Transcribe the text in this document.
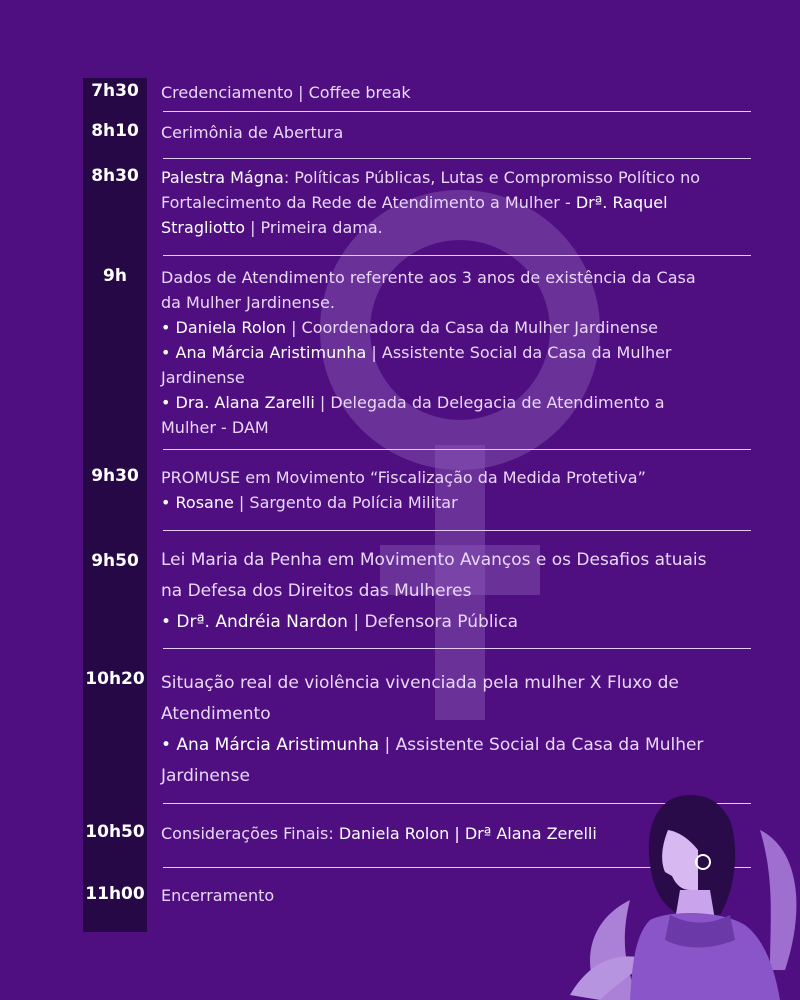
7h30	Credenciamento | Coffee break
8h10	Cerimônia de Abertura
8h30	Palestra Mágna: Políticas Públicas, Lutas e Compromisso Político no
Fortalecimento da Rede de Atendimento a Mulher - Drª. Raquel
Stragliotto | Primeira dama.
9h	Dados de Atendimento referente aos 3 anos de existência da Casa
da Mulher Jardinense.
• Daniela Rolon | Coordenadora da Casa da Mulher Jardinense
• Ana Márcia Aristimunha | Assistente Social da Casa da Mulher
Jardinense
• Dra. Alana Zarelli | Delegada da Delegacia de Atendimento a
Mulher - DAM
9h30	PROMUSE em Movimento “Fiscalização da Medida Protetiva”
• Rosane | Sargento da Polícia Militar
9h50	Lei Maria da Penha em Movimento Avanços e os Desafios atuais
na Defesa dos Direitos das Mulheres
• Drª. Andréia Nardon | Defensora Pública
10h20 Situação real de violência vivenciada pela mulher X Fluxo de
Atendimento
• Ana Márcia Aristimunha | Assistente Social da Casa da Mulher
Jardinense
10h50 Considerações Finais: Daniela Rolon | Drª Alana Zerelli
11h00 Encerramento
